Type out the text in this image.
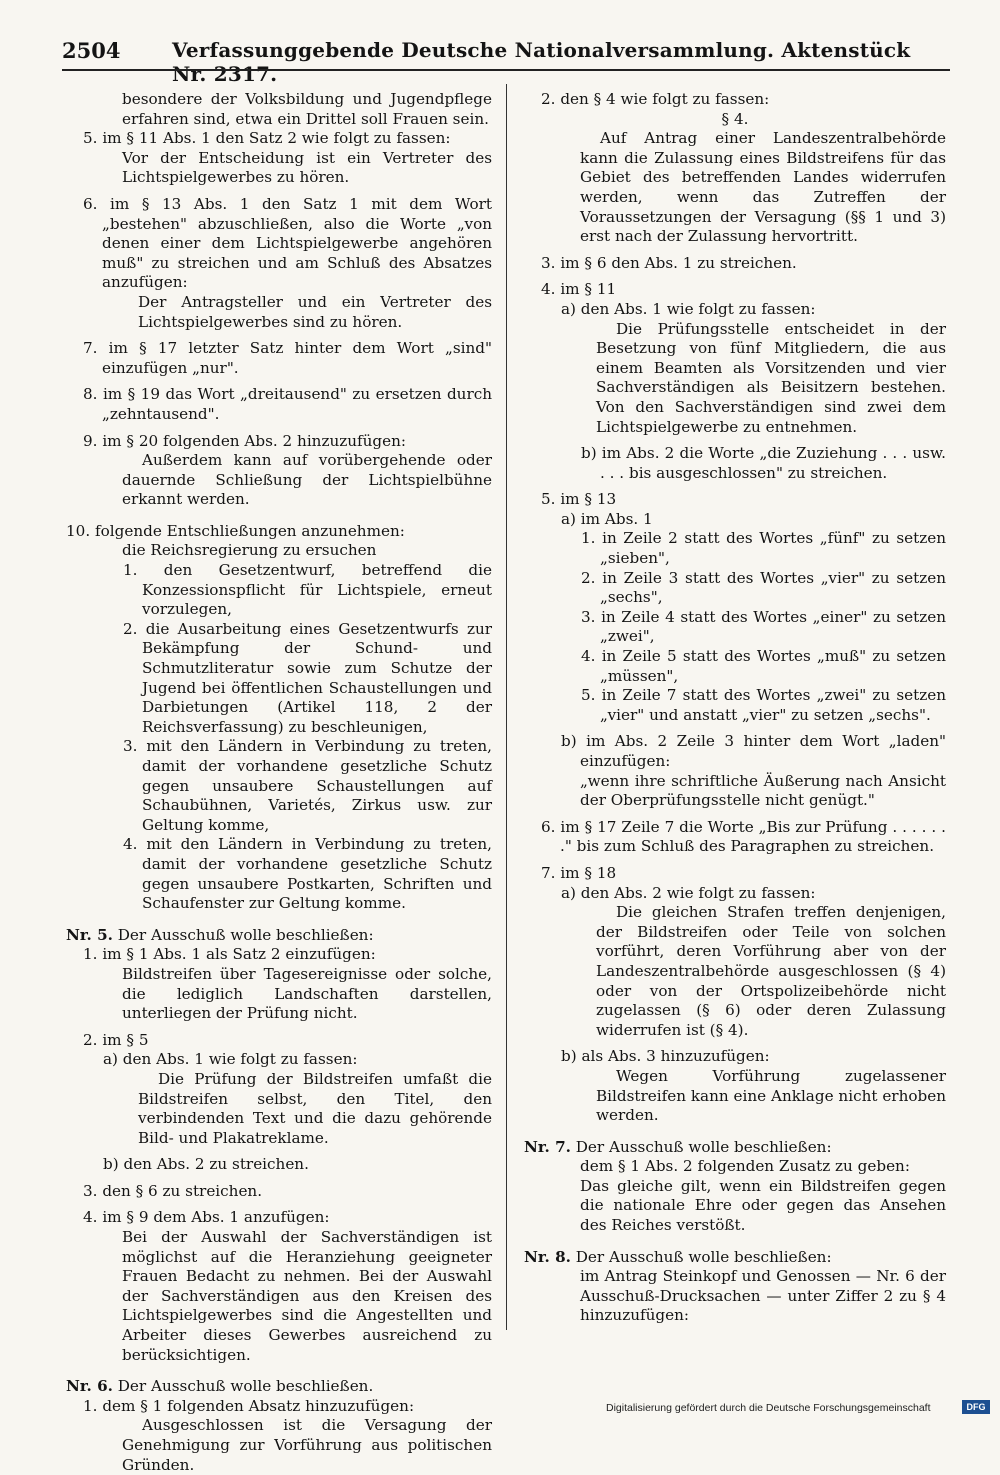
2504	Verfassunggebende Deutsche Nationalversammlung. Aktenstück Nr. 2317.

besondere der Volksbildung und Jugendpflege erfahren sind, etwa ein Drittel soll Frauen sein.

5. im § 11 Abs. 1 den Satz 2 wie folgt zu fassen:

Vor der Entscheidung ist ein Vertreter des Lichtspielgewerbes zu hören.

6. im § 13 Abs. 1 den Satz 1 mit dem Wort „bestehen" abzuschließen, also die Worte „von denen einer dem Lichtspielgewerbe angehören muß" zu streichen und am Schluß des Absatzes anzufügen:

Der Antragsteller und ein Vertreter des Lichtspielgewerbes sind zu hören.

7. im § 17 letzter Satz hinter dem Wort „sind" einzufügen „nur".

8. im § 19 das Wort „dreitausend" zu ersetzen durch „zehntausend".

9. im § 20 folgenden Abs. 2 hinzuzufügen:

Außerdem kann auf vorübergehende oder dauernde Schließung der Lichtspielbühne erkannt werden.

10. folgende Entschließungen anzunehmen:

die Reichsregierung zu ersuchen

1. den Gesetzentwurf, betreffend die Konzessionspflicht für Lichtspiele, erneut vorzulegen,

2. die Ausarbeitung eines Gesetzentwurfs zur Bekämpfung der Schund- und Schmutzliteratur sowie zum Schutze der Jugend bei öffentlichen Schaustellungen und Darbietungen (Artikel 118, 2 der Reichsverfassung) zu beschleunigen,

3. mit den Ländern in Verbindung zu treten, damit der vorhandene gesetzliche Schutz gegen unsaubere Schaustellungen auf Schaubühnen, Varietés, Zirkus usw. zur Geltung komme,

4. mit den Ländern in Verbindung zu treten, damit der vorhandene gesetzliche Schutz gegen unsaubere Postkarten, Schriften und Schaufenster zur Geltung komme.

Nr. 5. Der Ausschuß wolle beschließen:

1. im § 1 Abs. 1 als Satz 2 einzufügen:

Bildstreifen über Tagesereignisse oder solche, die lediglich Landschaften darstellen, unterliegen der Prüfung nicht.

2. im § 5

a) den Abs. 1 wie folgt zu fassen:

Die Prüfung der Bildstreifen umfaßt die Bildstreifen selbst, den Titel, den verbindenden Text und die dazu gehörende Bild- und Plakatreklame.

b) den Abs. 2 zu streichen.

3. den § 6 zu streichen.

4. im § 9 dem Abs. 1 anzufügen:

Bei der Auswahl der Sachverständigen ist möglichst auf die Heranziehung geeigneter Frauen Bedacht zu nehmen. Bei der Auswahl der Sachverständigen aus den Kreisen des Lichtspielgewerbes sind die Angestellten und Arbeiter dieses Gewerbes ausreichend zu berücksichtigen.

Nr. 6. Der Ausschuß wolle beschließen.

1. dem § 1 folgenden Absatz hinzuzufügen:

Ausgeschlossen ist die Versagung der Genehmigung zur Vorführung aus politischen Gründen.

2. den § 4 wie folgt zu fassen:

§ 4.

Auf Antrag einer Landeszentralbehörde kann die Zulassung eines Bildstreifens für das Gebiet des betreffenden Landes widerrufen werden, wenn das Zutreffen der Voraussetzungen der Versagung (§§ 1 und 3) erst nach der Zulassung hervortritt.

3. im § 6 den Abs. 1 zu streichen.

4. im § 11

a) den Abs. 1 wie folgt zu fassen:

Die Prüfungsstelle entscheidet in der Besetzung von fünf Mitgliedern, die aus einem Beamten als Vorsitzenden und vier Sachverständigen als Beisitzern bestehen. Von den Sachverständigen sind zwei dem Lichtspielgewerbe zu entnehmen.

b) im Abs. 2 die Worte „die Zuziehung . . . usw. . . . bis ausgeschlossen" zu streichen.

5. im § 13

a) im Abs. 1

1. in Zeile 2 statt des Wortes „fünf" zu setzen „sieben",

2. in Zeile 3 statt des Wortes „vier" zu setzen „sechs",

3. in Zeile 4 statt des Wortes „einer" zu setzen „zwei",

4. in Zeile 5 statt des Wortes „muß" zu setzen „müssen",

5. in Zeile 7 statt des Wortes „zwei" zu setzen „vier" und anstatt „vier" zu setzen „sechs".

b) im Abs. 2 Zeile 3 hinter dem Wort „laden" einzufügen:

„wenn ihre schriftliche Äußerung nach Ansicht der Oberprüfungsstelle nicht genügt."

6. im § 17 Zeile 7 die Worte „Bis zur Prüfung . . . . . . ." bis zum Schluß des Paragraphen zu streichen.

7. im § 18

a) den Abs. 2 wie folgt zu fassen:

Die gleichen Strafen treffen denjenigen, der Bildstreifen oder Teile von solchen vorführt, deren Vorführung aber von der Landeszentralbehörde ausgeschlossen (§ 4) oder von der Ortspolizeibehörde nicht zugelassen (§ 6) oder deren Zulassung widerrufen ist (§ 4).

b) als Abs. 3 hinzuzufügen:

Wegen Vorführung zugelassener Bildstreifen kann eine Anklage nicht erhoben werden.

Nr. 7. Der Ausschuß wolle beschließen:

dem § 1 Abs. 2 folgenden Zusatz zu geben:

Das gleiche gilt, wenn ein Bildstreifen gegen die nationale Ehre oder gegen das Ansehen des Reiches verstößt.

Nr. 8. Der Ausschuß wolle beschließen:

im Antrag Steinkopf und Genossen — Nr. 6 der Ausschuß-Drucksachen — unter Ziffer 2 zu § 4 hinzuzufügen:

Digitalisierung gefördert durch die Deutsche Forschungsgemeinschaft	DFG
